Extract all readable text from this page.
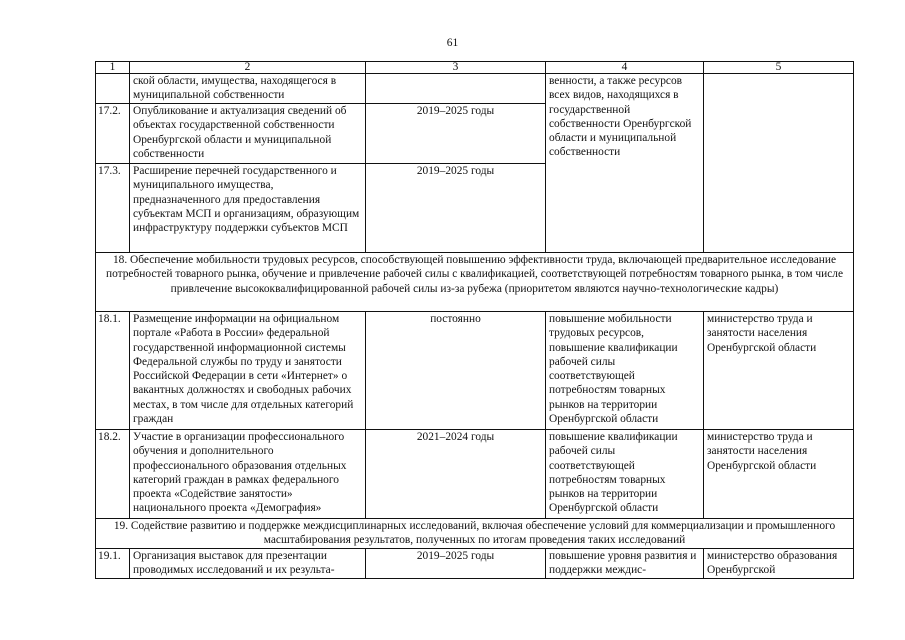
61
1	2	3	4	5
	ской области, имущества, находящегося в муниципальной собственности		венности, а также ресурсов всех видов, находящихся в государственной собственности Оренбургской области и муниципальной собственности	
17.2.	Опубликование и актуализация сведений об объектах государственной собственности Оренбургской области и муниципальной собственности	2019–2025 годы		
17.3.	Расширение перечней государственного и муниципального имущества, предназначенного для предоставления субъектам МСП и организациям, образующим инфраструктуру поддержки субъектов МСП	2019–2025 годы		
18. Обеспечение мобильности трудовых ресурсов, способствующей повышению эффективности труда, включающей предварительное исследование потребностей товарного рынка, обучение и привлечение рабочей силы с квалификацией, соответствующей потребностям товарного рынка, в том числе привлечение высококвалифицированной рабочей силы из-за рубежа (приоритетом являются научно-технологические кадры)				
18.1.	Размещение информации на официальном портале «Работа в России» федеральной государственной информационной системы Федеральной службы по труду и занятости Российской Федерации в сети «Интернет» о вакантных должностях и свободных рабочих местах, в том числе для отдельных категорий граждан	постоянно	повышение мобильности трудовых ресурсов, повышение квалификации рабочей силы соответствующей потребностям товарных рынков на территории Оренбургской области	министерство труда и занятости населения Оренбургской области
18.2.	Участие в организации профессионального обучения и дополнительного профессионального образования отдельных категорий граждан в рамках федерального проекта «Содействие занятости» национального проекта «Демография»	2021–2024 годы	повышение квалификации рабочей силы соответствующей потребностям товарных рынков на территории Оренбургской области	министерство труда и занятости населения Оренбургской области
19. Содействие развитию и поддержке междисциплинарных исследований, включая обеспечение условий для коммерциализации и промышленного масштабирования результатов, полученных по итогам проведения таких исследований				
19.1.	Организация выставок для презентации проводимых исследований и их результа-	2019–2025 годы	повышение уровня развития и поддержки междис-	министерство образования Оренбургской
